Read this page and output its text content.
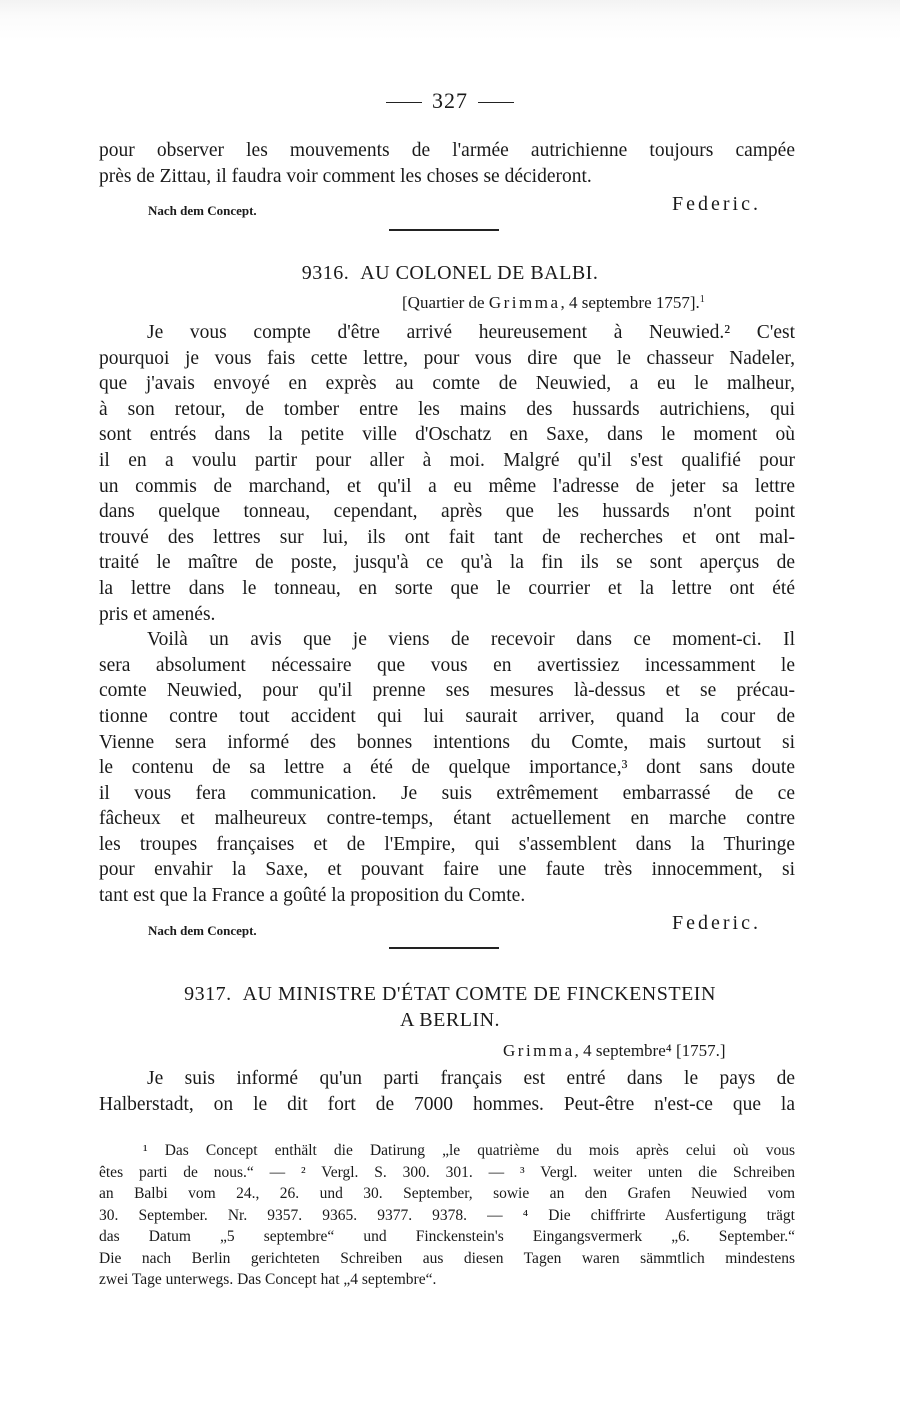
327
pour observer les mouvements de l'armée autrichienne toujours campée
près de Zittau, il faudra voir comment les choses se décideront.
Nach dem Concept.	Federic.
9316. AU COLONEL DE BALBI.
[Quartier de Grimma, 4 septembre 1757].$^1$
Je vous compte d'être arrivé heureusement à Neuwied.² C'est
pourquoi je vous fais cette lettre, pour vous dire que le chasseur Nadeler,
que j'avais envoyé en exprès au comte de Neuwied, a eu le malheur,
à son retour, de tomber entre les mains des hussards autrichiens, qui
sont entrés dans la petite ville d'Oschatz en Saxe, dans le moment où
il en a voulu partir pour aller à moi. Malgré qu'il s'est qualifié pour
un commis de marchand, et qu'il a eu même l'adresse de jeter sa lettre
dans quelque tonneau, cependant, après que les hussards n'ont point
trouvé des lettres sur lui, ils ont fait tant de recherches et ont mal-
traité le maître de poste, jusqu'à ce qu'à la fin ils se sont aperçus de
la lettre dans le tonneau, en sorte que le courrier et la lettre ont été
pris et amenés.
Voilà un avis que je viens de recevoir dans ce moment-ci. Il
sera absolument nécessaire que vous en avertissiez incessamment le
comte Neuwied, pour qu'il prenne ses mesures là-dessus et se précau-
tionne contre tout accident qui lui saurait arriver, quand la cour de
Vienne sera informé des bonnes intentions du Comte, mais surtout si
le contenu de sa lettre a été de quelque importance,³ dont sans doute
il vous fera communication. Je suis extrêmement embarrassé de ce
fâcheux et malheureux contre-temps, étant actuellement en marche contre
les troupes françaises et de l'Empire, qui s'assemblent dans la Thuringe
pour envahir la Saxe, et pouvant faire une faute très innocemment, si
tant est que la France a goûté la proposition du Comte.
Nach dem Concept.	Federic.
9317. AU MINISTRE D'ÉTAT COMTE DE FINCKENSTEIN
A BERLIN.
Grimma, 4 septembre⁴ [1757.]
Je suis informé qu'un parti français est entré dans le pays de
Halberstadt, on le dit fort de 7000 hommes. Peut-être n'est-ce que la
¹ Das Concept enthält die Datirung „le quatrième du mois après celui où vous
êtes parti de nous.“ — ² Vergl. S. 300. 301. — ³ Vergl. weiter unten die Schreiben
an Balbi vom 24., 26. und 30. September, sowie an den Grafen Neuwied vom
30. September. Nr. 9357. 9365. 9377. 9378. — ⁴ Die chiffrirte Ausfertigung trägt
das Datum „5 septembre“ und Finckenstein's Eingangsvermerk „6. September.“
Die nach Berlin gerichteten Schreiben aus diesen Tagen waren sämmtlich mindestens
zwei Tage unterwegs. Das Concept hat „4 septembre“.
